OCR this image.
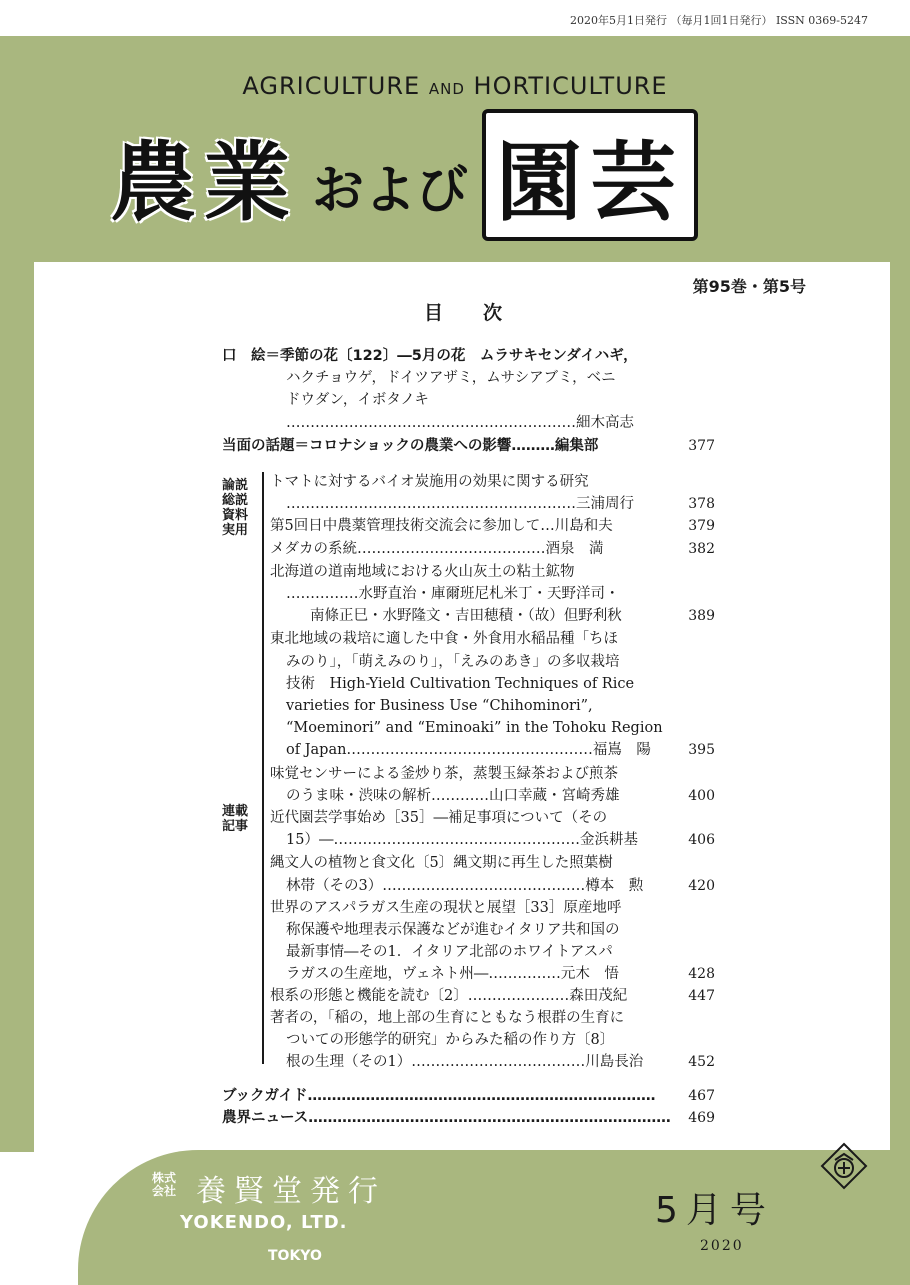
2020年5月1日発行 （毎月1回1日発行） ISSN 0369-5247
AGRICULTURE AND HORTICULTURE
農業 および 園芸
第95巻・第5号
目次
論説
総説
資料
実用
連載
記事
口　絵＝季節の花〔122〕―5月の花　ムラサキセンダイハギ，
ハクチョウゲ，ドイツアザミ，ムサシアブミ，ベニ
ドウダン，イボタノキ
……………………………………………………細木高志
当面の話題＝コロナショックの農業への影響………編集部	377
トマトに対するバイオ炭施用の効果に関する研究
……………………………………………………三浦周行	378
第5回日中農薬管理技術交流会に参加して…川島和夫	379
メダカの系統…………………………………酒泉　満	382
北海道の道南地域における火山灰土の粘土鉱物
……………水野直治・庫爾班尼札米丁・天野洋司・
南條正巳・水野隆文・吉田穂積・（故）但野利秋	389
東北地域の栽培に適した中食・外食用水稲品種「ちほ
みのり」，「萌えみのり」，「えみのあき」の多収栽培
技術　High-Yield Cultivation Techniques of Rice
varieties for Business Use “Chihominori”,
“Moeminori” and “Eminoaki” in the Tohoku Region
of Japan……………………………………………福嶌　陽	395
味覚センサーによる釜炒り茶，蒸製玉緑茶および煎茶
のうま味・渋味の解析…………山口幸蔵・宮崎秀雄	400
近代園芸学事始め［35］―補足事項について（その
15）―……………………………………………金浜耕基	406
縄文人の植物と食文化〔5〕縄文期に再生した照葉樹
林帯（その3）……………………………………樽本　勲	420
世界のアスパラガス生産の現状と展望［33］原産地呼
称保護や地理表示保護などが進むイタリア共和国の
最新事情―その1．イタリア北部のホワイトアスパ
ラガスの生産地，ヴェネト州―……………元木　悟	428
根系の形態と機能を読む〔2〕…………………森田茂紀	447
著者の，「稲の，地上部の生育にともなう根群の生育に
ついての形態学的研究」からみた稲の作り方〔8〕
根の生理（その1）………………………………川島長治	452
ブックガイド………………………………………………………………	467
農界ニュース…………………………………………………………………	469
株式会社 養賢堂発行
YOKENDO, LTD.
TOKYO
5月号
2020
